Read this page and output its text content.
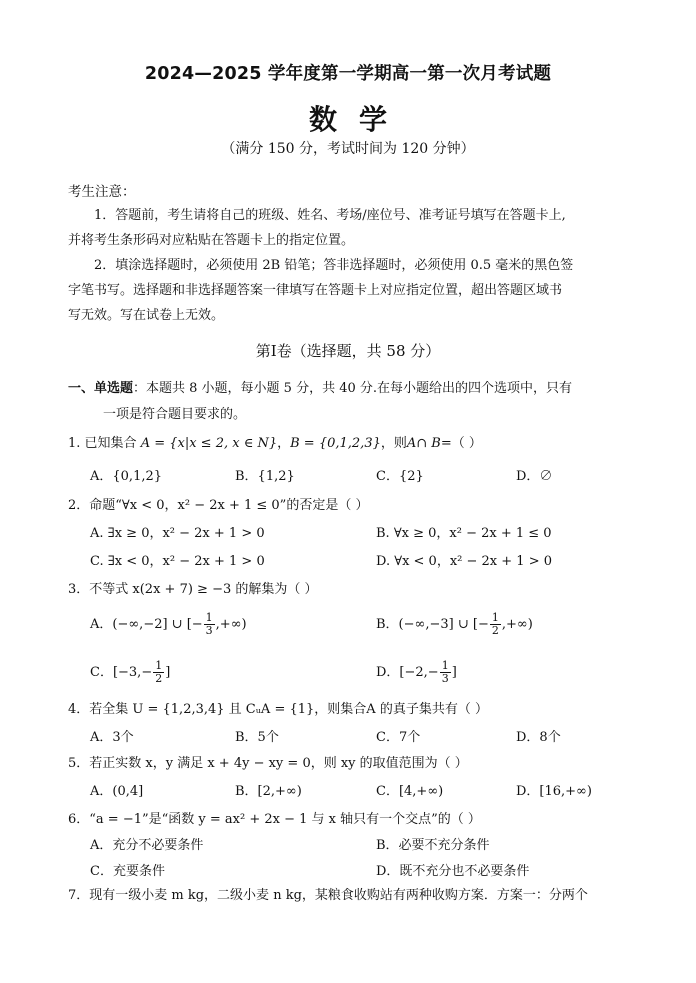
2024—2025 学年度第一学期高一第一次月考试题
数学
（满分 150 分，考试时间为 120 分钟）
考生注意：
1．答题前，考生请将自己的班级、姓名、考场/座位号、准考证号填写在答题卡上,
并将考生条形码对应粘贴在答题卡上的指定位置。
2．填涂选择题时，必须使用 2B 铅笔；答非选择题时，必须使用 0.5 毫米的黑色签
字笔书写。选择题和非选择题答案一律填写在答题卡上对应指定位置，超出答题区域书
写无效。写在试卷上无效。
第Ⅰ卷（选择题，共 58 分）
一、单选题：本题共 8 小题，每小题 5 分，共 40 分.在每小题给出的四个选项中，只有
一项是符合题目要求的。
1. 已知集合 A = {x|x ≤ 2, x ∈ N}，B = {0,1,2,3}，则A∩ B=（ ）
A．{0,1,2}	B．{1,2}	C．{2}	D．∅
2．命题“∀x < 0，x² − 2x + 1 ≤ 0”的否定是（ ）
A. ∃x ≥ 0，x² − 2x + 1 > 0	B. ∀x ≥ 0，x² − 2x + 1 ≤ 0
C. ∃x < 0，x² − 2x + 1 > 0	D. ∀x < 0，x² − 2x + 1 > 0
3．不等式 x(2x + 7) ≥ −3 的解集为（ ）
A．(−∞,−2] ∪ [− $\frac{1}{3}$ ,+∞)	B．(−∞,−3] ∪ [− $\frac{1}{2}$ ,+∞)
C．[$-3,- \frac{1}{2}$ ]	D．[$-2,- \frac{1}{3}$ ]
4．若全集 U = {1,2,3,4} 且 CᵤA = {1}，则集合A 的真子集共有（ ）
A．3个	B．5个	C．7个	D．8个
5．若正实数 x，y 满足 x + 4y − xy = 0，则 xy 的取值范围为（ ）
A．(0,4]	B．[2,+∞)	C．[4,+∞)	D．[16,+∞)
6．“a = −1”是“函数 y = ax² + 2x − 1 与 x 轴只有一个交点”的（ ）
A．充分不必要条件	B．必要不充分条件
C．充要条件	D．既不充分也不必要条件
7．现有一级小麦 m kg，二级小麦 n kg，某粮食收购站有两种收购方案．方案一：分两个
